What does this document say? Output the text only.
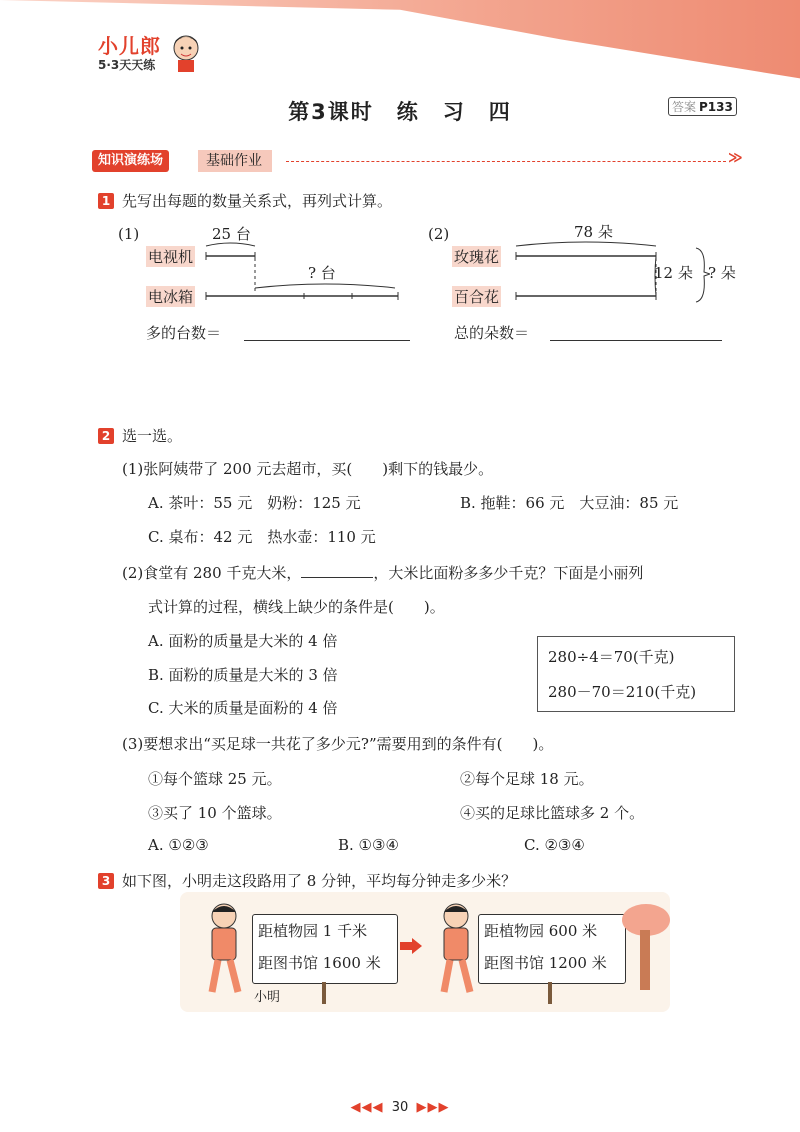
小儿郎
5·3天天练
第3课时　练　习　四	答案 P133
知识演练场	基础作业	≫
1 先写出每题的数量关系式，再列式计算。
(1)	25 台
电视机
电冰箱
? 台
多的台数＝
(2)	78 朵
玫瑰花
百合花
12 朵 ? 朵
总的朵数＝
2 选一选。
(1)张阿姨带了 200 元去超市，买(　　)剩下的钱最少。
A. 茶叶：55 元　奶粉：125 元	B. 拖鞋：66 元　大豆油：85 元
C. 桌布：42 元　热水壶：110 元
(2)食堂有 280 千克大米，	，大米比面粉多多少千克？下面是小丽列
式计算的过程，横线上缺少的条件是(　　)。
A. 面粉的质量是大米的 4 倍
B. 面粉的质量是大米的 3 倍
C. 大米的质量是面粉的 4 倍
280÷4＝70(千克)
280－70＝210(千克)
(3)要想求出“买足球一共花了多少元?”需要用到的条件有(　　)。
①每个篮球 25 元。	②每个足球 18 元。
③买了 10 个篮球。	④买的足球比篮球多 2 个。
A. ①②③	B. ①③④	C. ②③④
3 如下图，小明走这段路用了 8 分钟，平均每分钟走多少米？
距植物园 1 千米
距图书馆 1600 米
小明
距植物园 600 米
距图书馆 1200 米
◀◀◀ 30 ▶▶▶
